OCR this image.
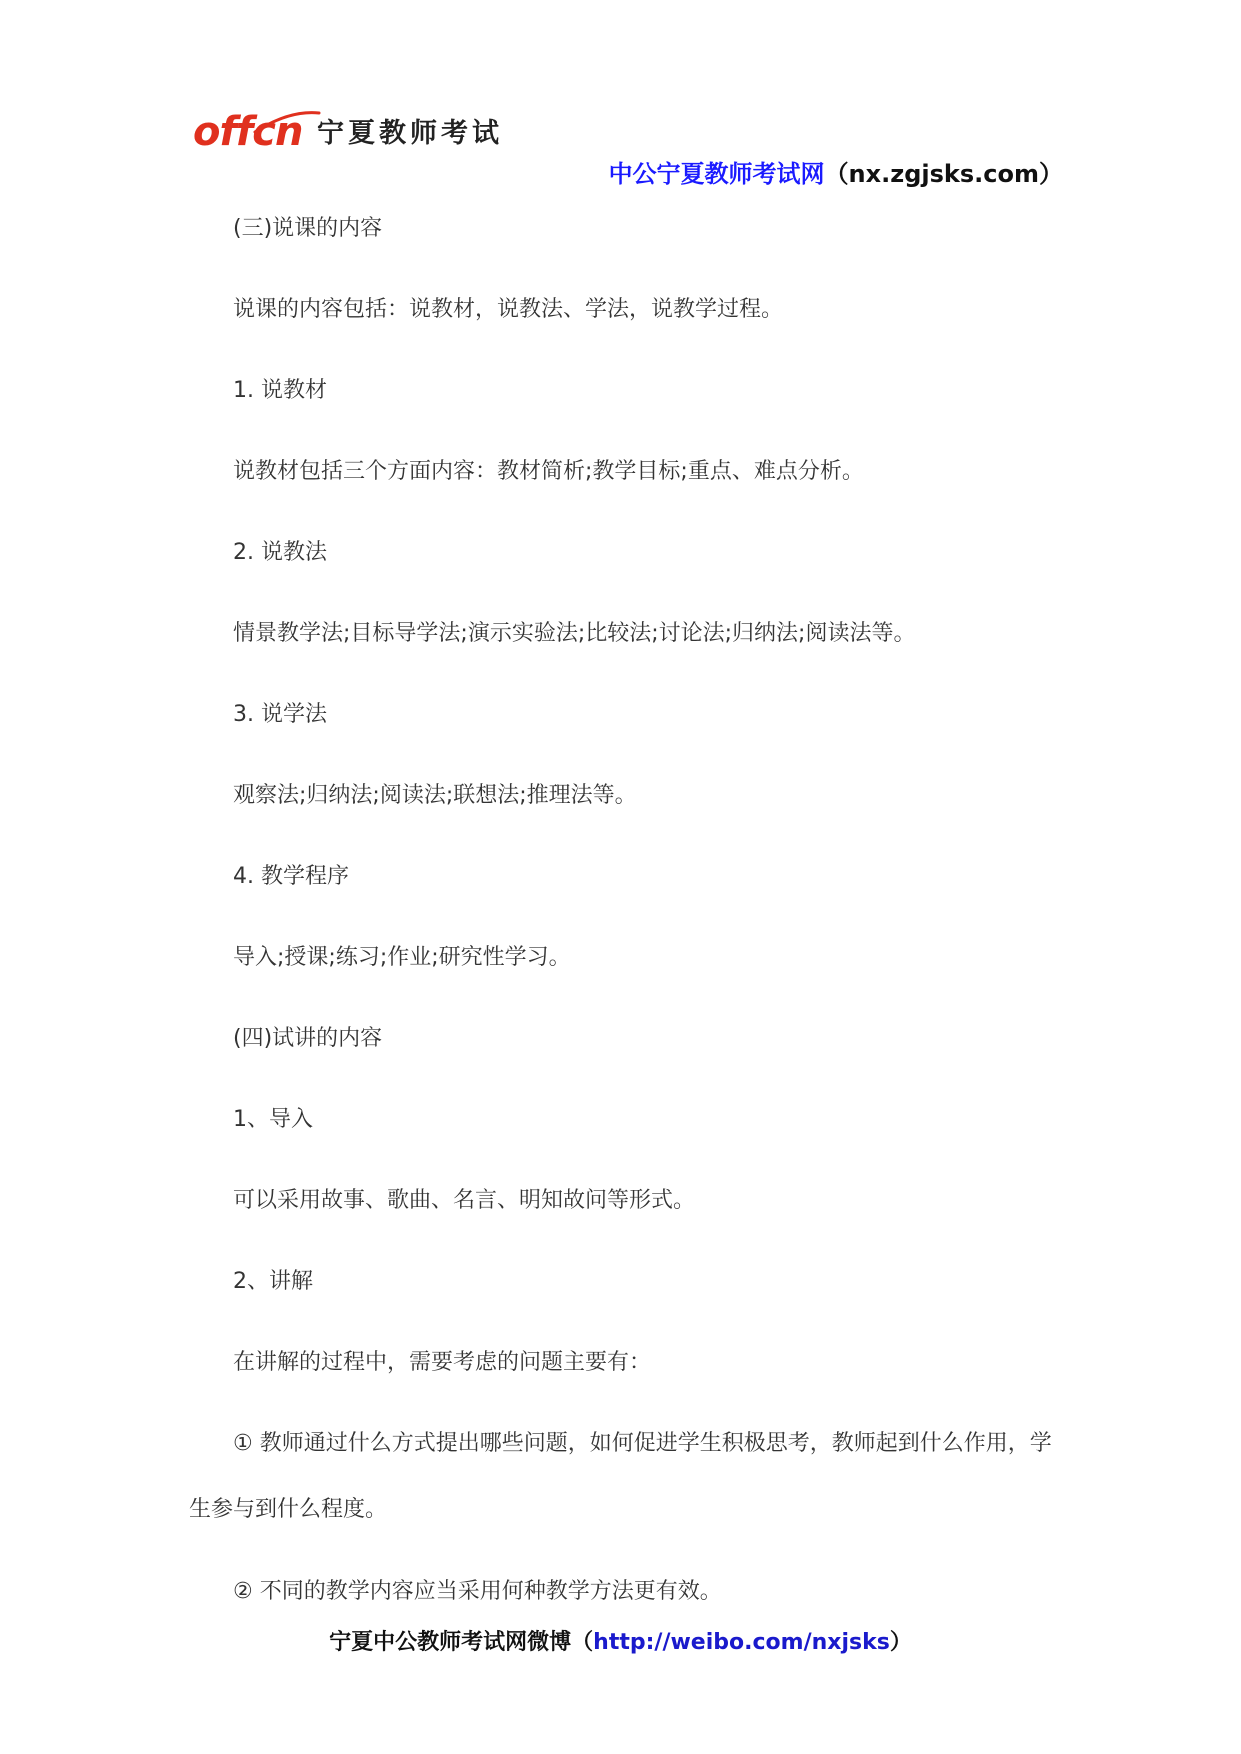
offcn 宁夏教师考试
中公宁夏教师考试网（nx.zgjsks.com）

(三)说课的内容

说课的内容包括：说教材，说教法、学法，说教学过程。

1. 说教材

说教材包括三个方面内容：教材简析;教学目标;重点、难点分析。

2. 说教法

情景教学法;目标导学法;演示实验法;比较法;讨论法;归纳法;阅读法等。

3. 说学法

观察法;归纳法;阅读法;联想法;推理法等。

4. 教学程序

导入;授课;练习;作业;研究性学习。

(四)试讲的内容

1、导入

可以采用故事、歌曲、名言、明知故问等形式。

2、讲解

在讲解的过程中，需要考虑的问题主要有：

① 教师通过什么方式提出哪些问题，如何促进学生积极思考，教师起到什么作用，学

生参与到什么程度。

② 不同的教学内容应当采用何种教学方法更有效。

宁夏中公教师考试网微博（http://weibo.com/nxjsks）
